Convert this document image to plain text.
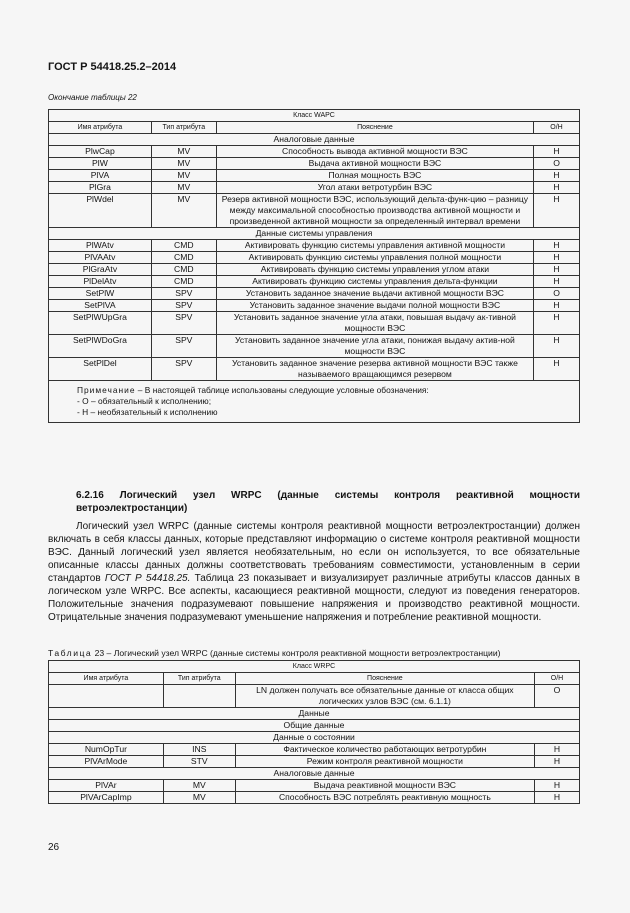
ГОСТ Р 54418.25.2–2014
Окончание таблицы 22
Класс WAPC			
Имя атрибута	Тип атрибута	Пояснение	О/Н
Аналоговые данные			
PlwCap	MV	Способность вывода активной мощности ВЭС	Н
PlW	MV	Выдача активной мощности ВЭС	О
PlVA	MV	Полная мощность ВЭС	Н
PlGra	MV	Угол атаки ветротурбин ВЭС	Н
PlWdel	MV	Резерв активной мощности ВЭС, использующий дельта-функ-цию – разницу между максимальной способностью производства активной мощности и произведенной активной мощности за определенный интервал времени	Н
Данные системы управления			
PlWAtv	CMD	Активировать функцию системы управления активной мощности	Н
PlVAAtv	CMD	Активировать функцию системы управления полной мощности	Н
PlGraAtv	CMD	Активировать функцию системы управления углом атаки	Н
PlDelAtv	CMD	Активировать функцию системы управления дельта-функции	Н
SetPlW	SPV	Установить заданное значение выдачи активной мощности ВЭС	О
SetPlVA	SPV	Установить заданное значение выдачи полной мощности ВЭС	Н
SetPlWUpGra	SPV	Установить заданное значение угла атаки, повышая выдачу ак-тивной мощности ВЭС	Н
SetPlWDoGra	SPV	Установить заданное значение угла атаки, понижая выдачу актив-ной мощности ВЭС	Н
SetPlDel	SPV	Установить заданное значение резерва активной мощности ВЭС также называемого вращающимся резервом	Н

Примечание – В настоящей таблице использованы следующие условные обозначения:
- О – обязательный к исполнению;
- Н – необязательный к исполнению			
6.2.16 Логический узел WRPC (данные системы контроля реактивной мощности ветроэлектростанции)
Логический узел WRPC (данные системы контроля реактивной мощности ветроэлектростанции) должен включать в себя классы данных, которые представляют информацию о системе контроля реактивной мощности ВЭС. Данный логический узел является необязательным, но если он используется, то все обязательные описанные классы данных должны соответствовать требованиям совместимости, установленным в серии стандартов ГОСТ Р 54418.25. Таблица 23 показывает и визуализирует различные атрибуты классов данных в логическом узле WRPC. Все аспекты, касающиеся реактивной мощности, следуют из поведения генераторов. Положительные значения подразумевают повышение напряжения и производство реактивной мощности. Отрицательные значения подразумевают уменьшение напряжения и потребление реактивной мощности.
Таблица 23 – Логический узел WRPC (данные системы контроля реактивной мощности ветроэлектростанции)
Класс WRPC			
Имя атрибута	Тип атрибута	Пояснение	О/Н
		LN должен получать все обязательные данные от класса общих логических узлов ВЭС (см. 6.1.1)	О
Данные			
Общие данные			
Данные о состоянии			
NumOpTur	INS	Фактическое количество работающих ветротурбин	Н
PlVArMode	STV	Режим контроля реактивной мощности	Н
Аналоговые данные			
PlVAr	MV	Выдача реактивной мощности ВЭС	Н
PlVArCapImp	MV	Способность ВЭС потреблять реактивную мощность	Н
26
